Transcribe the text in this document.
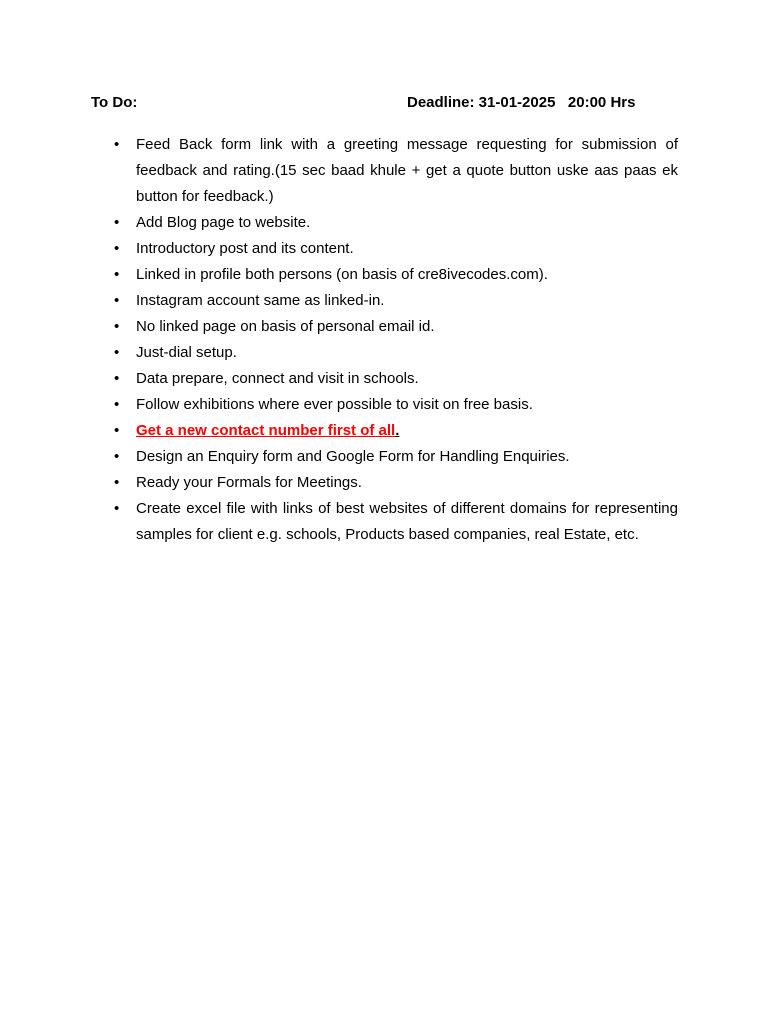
To Do:	Deadline: 31-01-2025   20:00 Hrs
• Feed Back form link with a greeting message requesting for submission of feedback and rating.(15 sec baad khule + get a quote button uske aas paas ek button for feedback.)
• Add Blog page to website.
• Introductory post and its content.
• Linked in profile both persons (on basis of cre8ivecodes.com).
• Instagram account same as linked-in.
• No linked page on basis of personal email id.
• Just-dial setup.
• Data prepare, connect and visit in schools.
• Follow exhibitions where ever possible to visit on free basis.
• Get a new contact number first of all.
• Design an Enquiry form and Google Form for Handling Enquiries.
• Ready your Formals for Meetings.
• Create excel file with links of best websites of different domains for representing samples for client e.g. schools, Products based companies, real Estate, etc.
